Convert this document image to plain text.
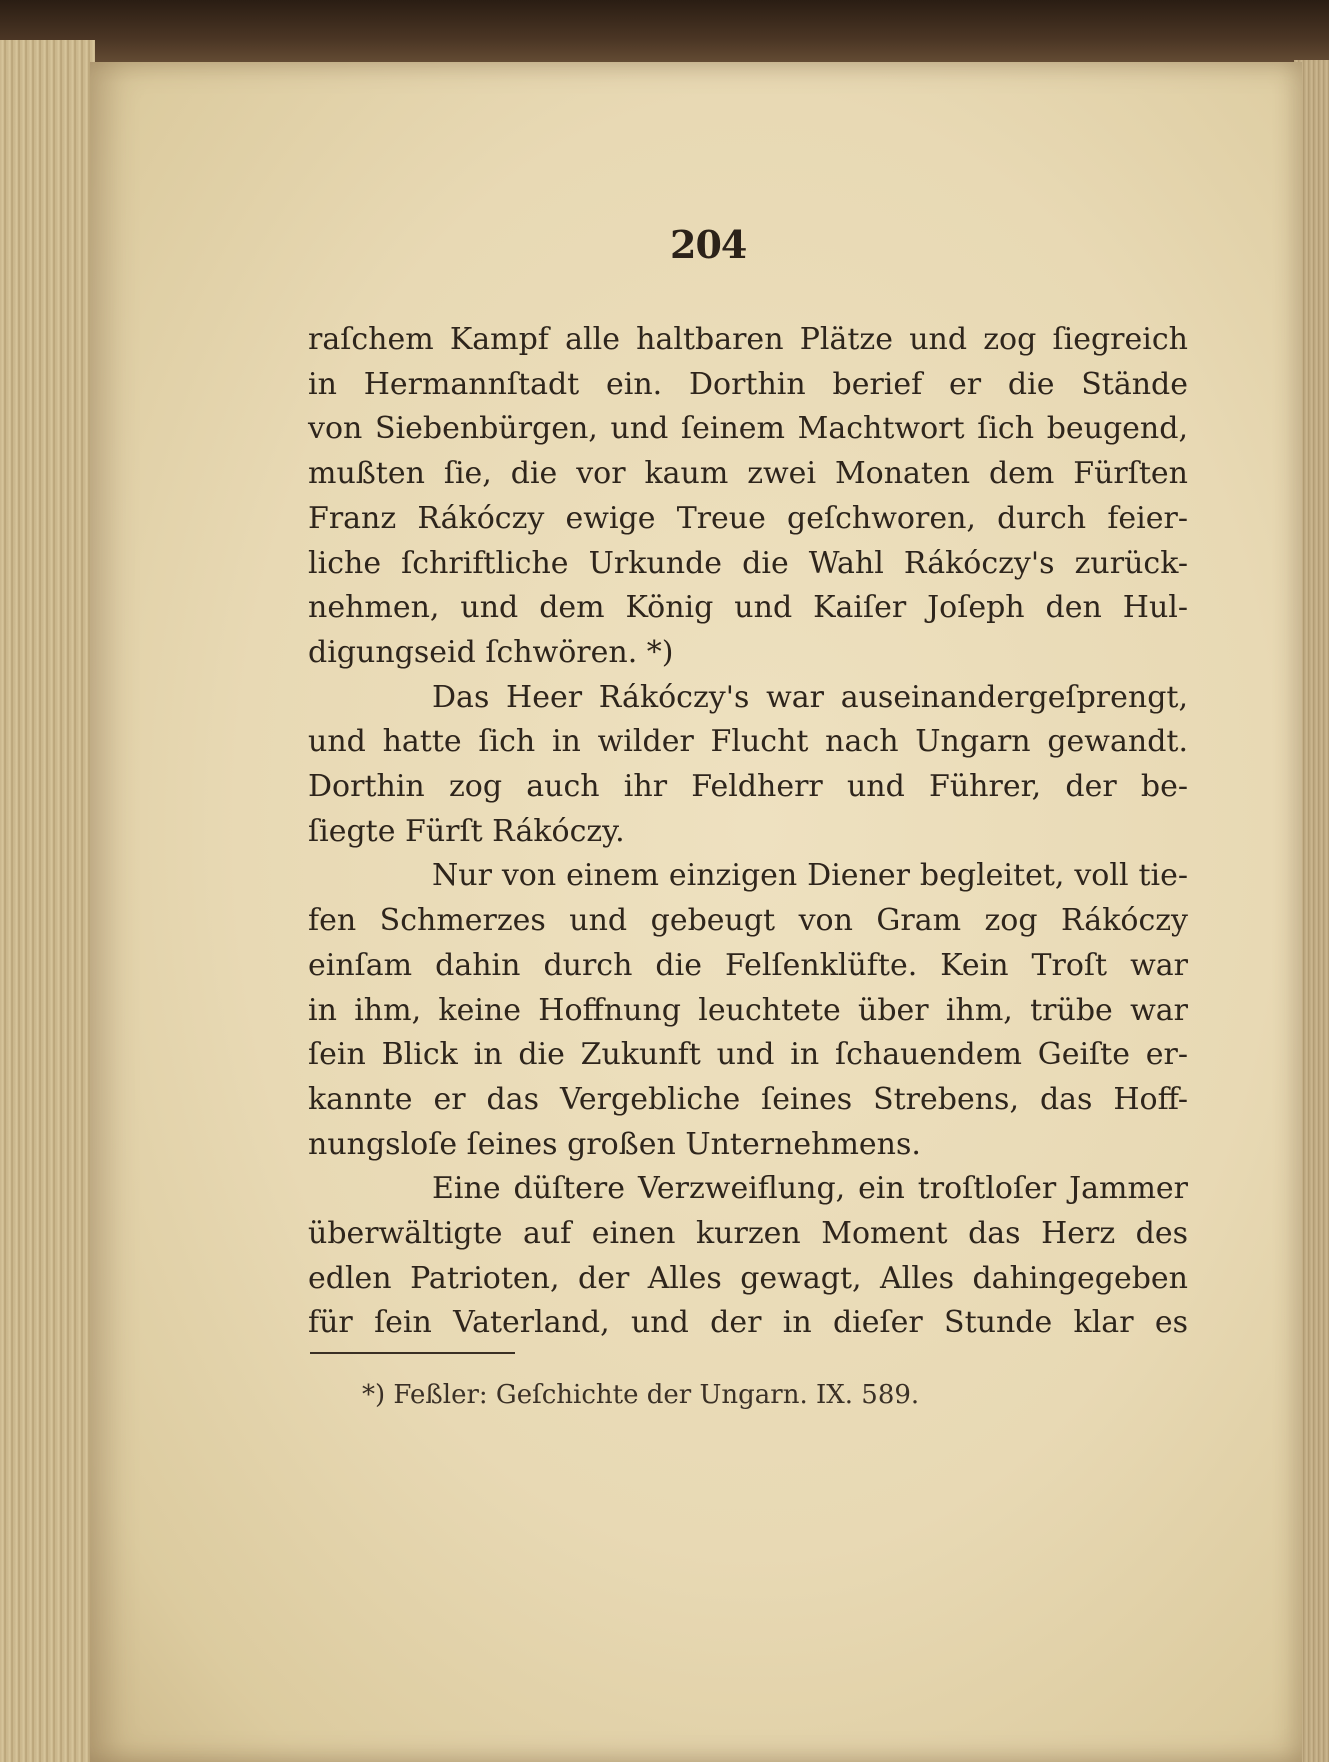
204

raſchem Kampf alle haltbaren Plätze und zog ſiegreich
in Hermannſtadt ein. Dorthin berief er die Stände
von Siebenbürgen, und ſeinem Machtwort ſich beugend,
mußten ſie, die vor kaum zwei Monaten dem Fürſten
Franz Rákóczy ewige Treue geſchworen, durch feier-
liche ſchriftliche Urkunde die Wahl Rákóczy's zurück-
nehmen, und dem König und Kaiſer Joſeph den Hul-
digungseid ſchwören. *)

Das Heer Rákóczy's war auseinandergeſprengt,
und hatte ſich in wilder Flucht nach Ungarn gewandt.
Dorthin zog auch ihr Feldherr und Führer, der be-
ſiegte Fürſt Rákóczy.

Nur von einem einzigen Diener begleitet, voll tie-
fen Schmerzes und gebeugt von Gram zog Rákóczy
einſam dahin durch die Felſenklüfte. Kein Troſt war
in ihm, keine Hoffnung leuchtete über ihm, trübe war
ſein Blick in die Zukunft und in ſchauendem Geiſte er-
kannte er das Vergebliche ſeines Strebens, das Hoff-
nungsloſe ſeines großen Unternehmens.

Eine düſtere Verzweiflung, ein troſtloſer Jammer
überwältigte auf einen kurzen Moment das Herz des
edlen Patrioten, der Alles gewagt, Alles dahingegeben
für ſein Vaterland, und der in dieſer Stunde klar es

*) Feßler: Geſchichte der Ungarn. IX. 589.
